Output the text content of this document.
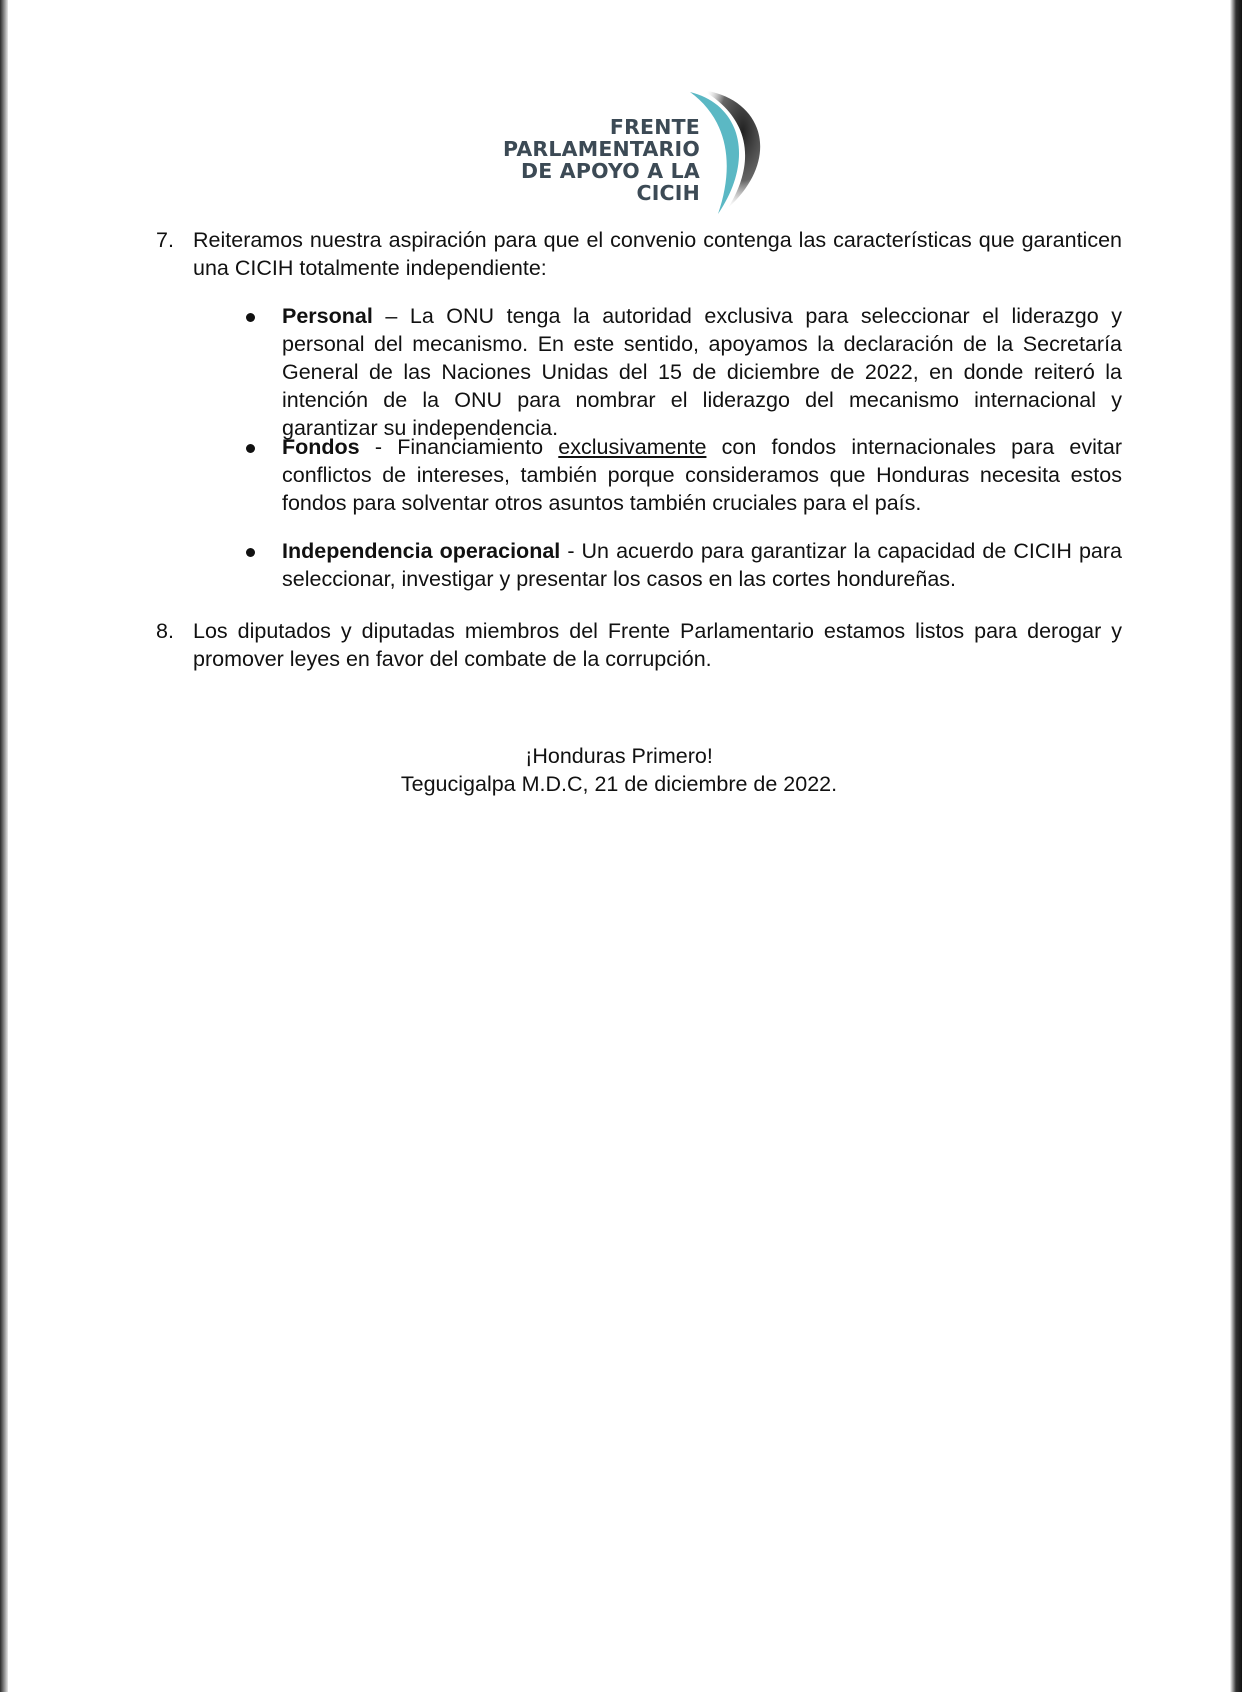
FRENTE
PARLAMENTARIO
DE APOYO A LA
CICIH
7. Reiteramos nuestra aspiración para que el convenio contenga las características que garanticen una CICIH totalmente independiente:
Personal – La ONU tenga la autoridad exclusiva para seleccionar el liderazgo y personal del mecanismo. En este sentido, apoyamos la declaración de la Secretaría General de las Naciones Unidas del 15 de diciembre de 2022, en donde reiteró la intención de la ONU para nombrar el liderazgo del mecanismo internacional y garantizar su independencia.
Fondos - Financiamiento exclusivamente con fondos internacionales para evitar conflictos de intereses, también porque consideramos que Honduras necesita estos fondos para solventar otros asuntos también cruciales para el país.
Independencia operacional - Un acuerdo para garantizar la capacidad de CICIH para seleccionar, investigar y presentar los casos en las cortes hondureñas.
8. Los diputados y diputadas miembros del Frente Parlamentario estamos listos para derogar y promover leyes en favor del combate de la corrupción.
¡Honduras Primero!
Tegucigalpa M.D.C, 21 de diciembre de 2022.
